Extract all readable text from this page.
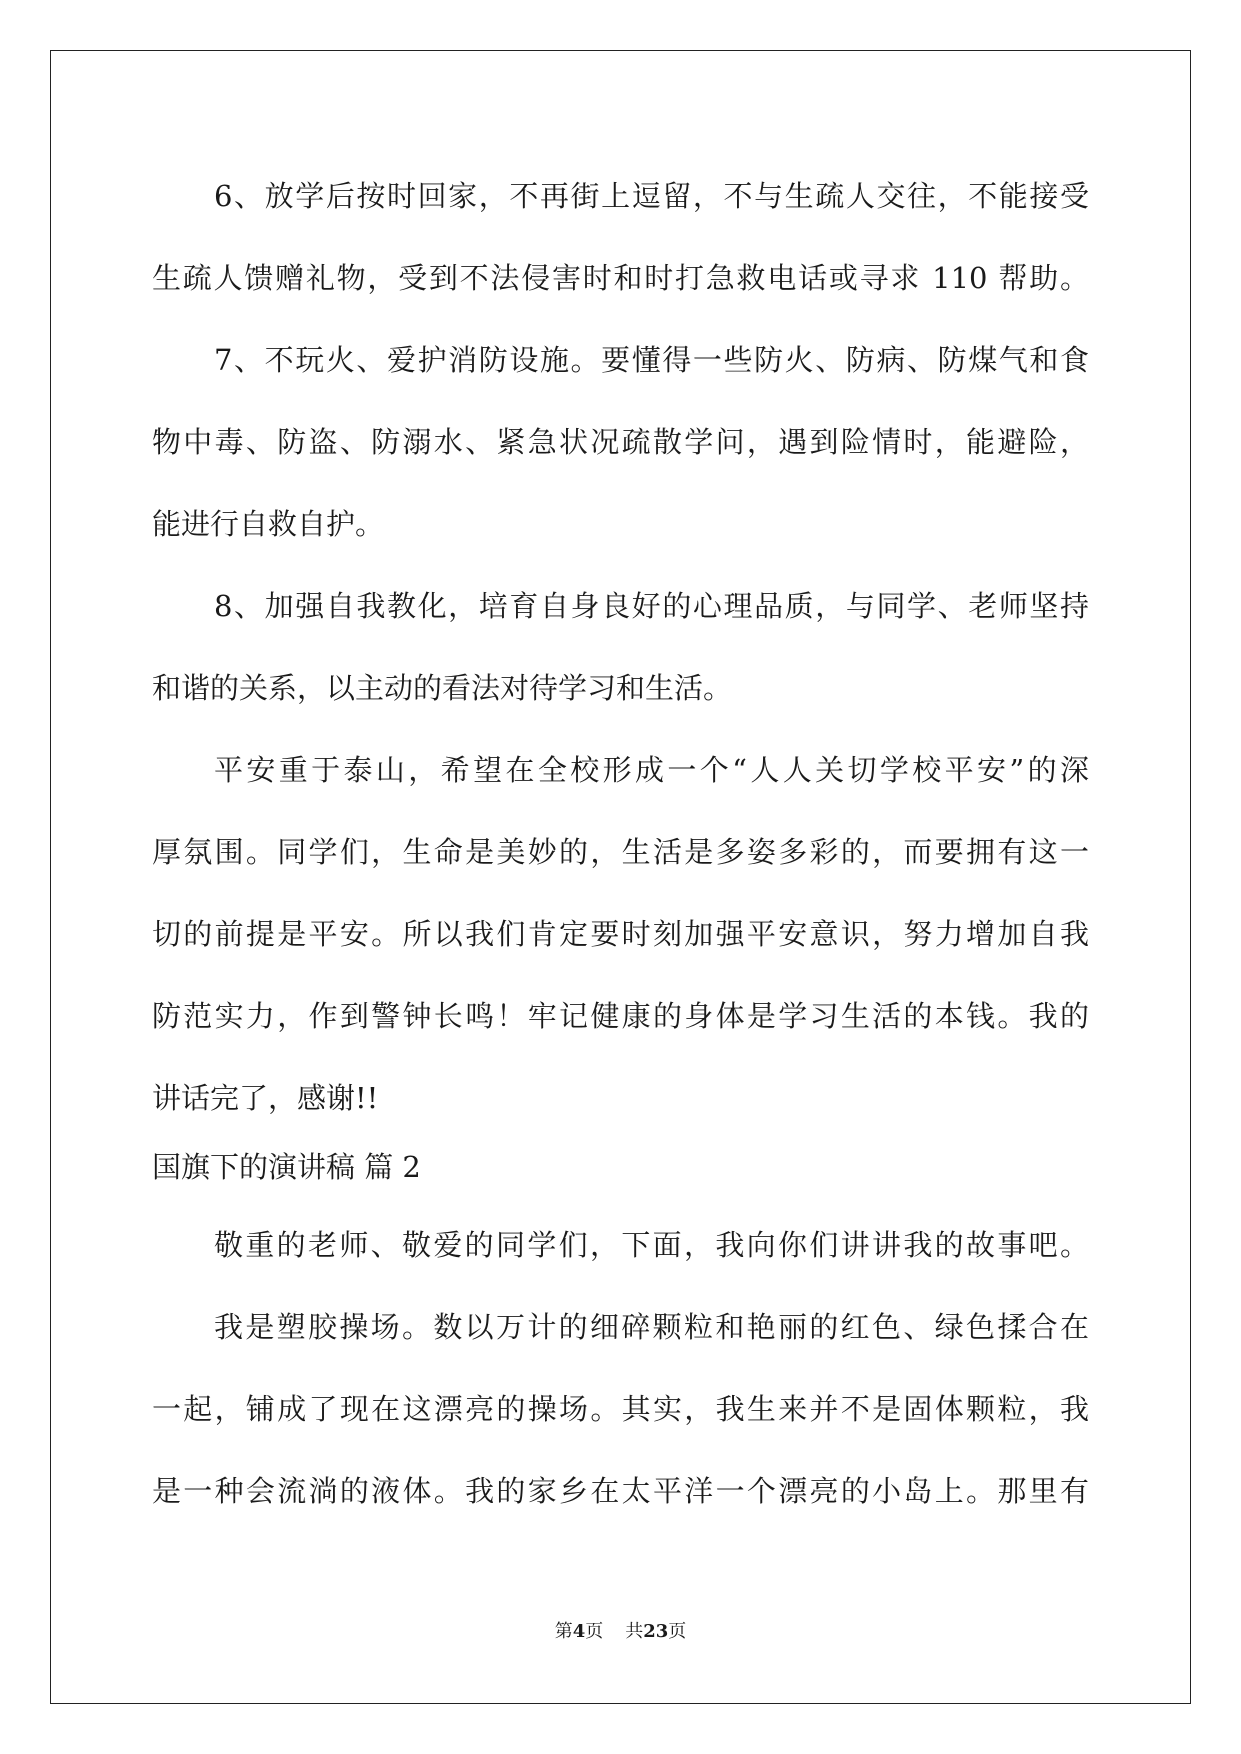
6、放学后按时回家，不再街上逗留，不与生疏人交往，不能接受
生疏人馈赠礼物，受到不法侵害时和时打急救电话或寻求 110 帮助。
7、不玩火、爱护消防设施。要懂得一些防火、防病、防煤气和食
物中毒、防盗、防溺水、紧急状况疏散学问，遇到险情时，能避险，
能进行自救自护。
8、加强自我教化，培育自身良好的心理品质，与同学、老师坚持
和谐的关系，以主动的看法对待学习和生活。
平安重于泰山，希望在全校形成一个“人人关切学校平安”的深
厚氛围。同学们，生命是美妙的，生活是多姿多彩的，而要拥有这一
切的前提是平安。所以我们肯定要时刻加强平安意识，努力增加自我
防范实力，作到警钟长鸣！牢记健康的身体是学习生活的本钱。我的
讲话完了，感谢!!
国旗下的演讲稿 篇 2
敬重的老师、敬爱的同学们，下面，我向你们讲讲我的故事吧。
我是塑胶操场。数以万计的细碎颗粒和艳丽的红色、绿色揉合在
一起，铺成了现在这漂亮的操场。其实，我生来并不是固体颗粒，我
是一种会流淌的液体。我的家乡在太平洋一个漂亮的小岛上。那里有
第4页 共23页
